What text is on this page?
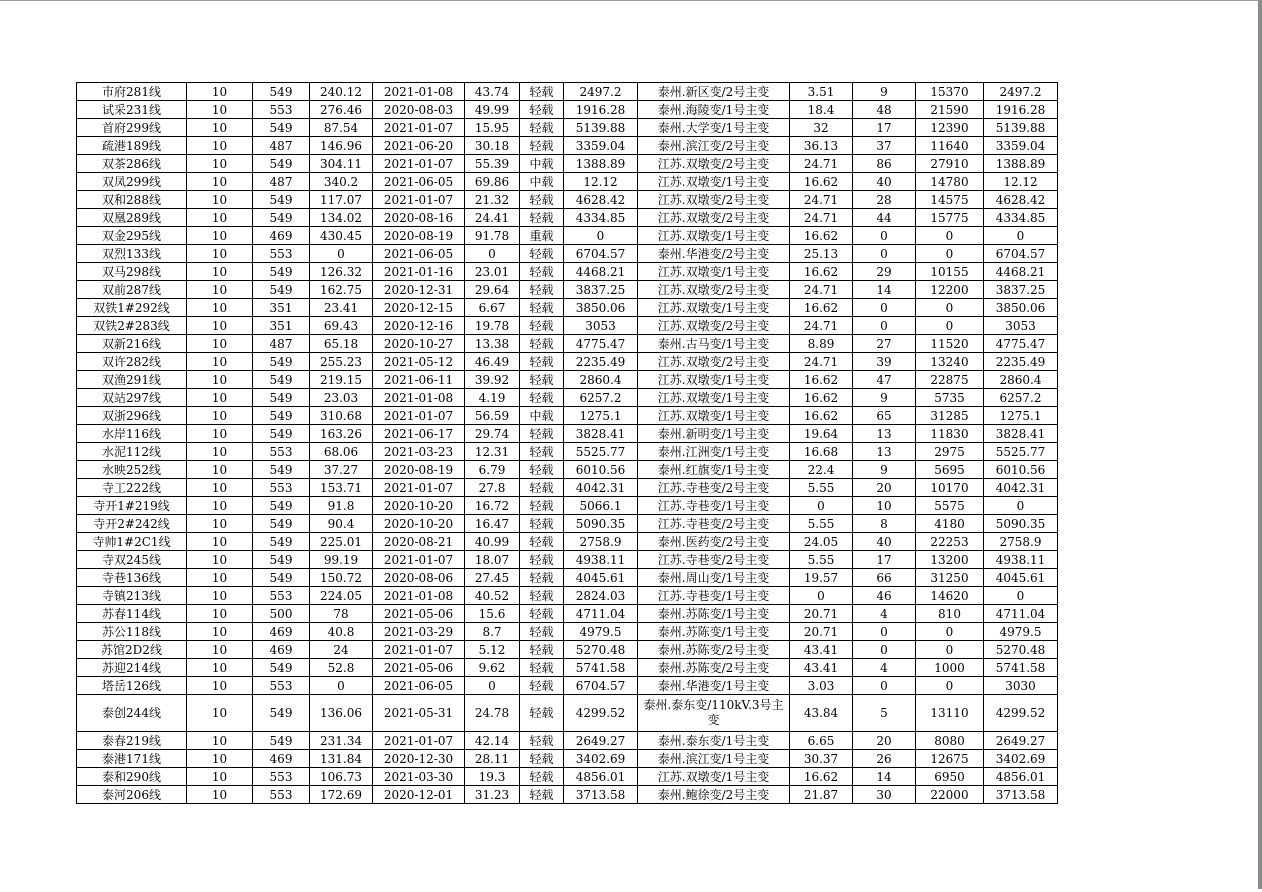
市府281线	10	549	240.12	2021-01-08	43.74	轻载	2497.2	泰州.新区变/2号主变	3.51	9	15370	2497.2
试采231线	10	553	276.46	2020-08-03	49.99	轻载	1916.28	泰州.海陵变/1号主变	18.4	48	21590	1916.28
首府299线	10	549	87.54	2021-01-07	15.95	轻载	5139.88	泰州.大学变/1号主变	32	17	12390	5139.88
疏港189线	10	487	146.96	2021-06-20	30.18	轻载	3359.04	泰州.滨江变/2号主变	36.13	37	11640	3359.04
双茶286线	10	549	304.11	2021-01-07	55.39	中载	1388.89	江苏.双墩变/2号主变	24.71	86	27910	1388.89
双凤299线	10	487	340.2	2021-06-05	69.86	中载	12.12	江苏.双墩变/1号主变	16.62	40	14780	12.12
双和288线	10	549	117.07	2021-01-07	21.32	轻载	4628.42	江苏.双墩变/2号主变	24.71	28	14575	4628.42
双凰289线	10	549	134.02	2020-08-16	24.41	轻载	4334.85	江苏.双墩变/2号主变	24.71	44	15775	4334.85
双金295线	10	469	430.45	2020-08-19	91.78	重载	0	江苏.双墩变/1号主变	16.62	0	0	0
双烈133线	10	553	0	2021-06-05	0	轻载	6704.57	泰州.华港变/2号主变	25.13	0	0	6704.57
双马298线	10	549	126.32	2021-01-16	23.01	轻载	4468.21	江苏.双墩变/1号主变	16.62	29	10155	4468.21
双前287线	10	549	162.75	2020-12-31	29.64	轻载	3837.25	江苏.双墩变/2号主变	24.71	14	12200	3837.25
双铁1#292线	10	351	23.41	2020-12-15	6.67	轻载	3850.06	江苏.双墩变/1号主变	16.62	0	0	3850.06
双铁2#283线	10	351	69.43	2020-12-16	19.78	轻载	3053	江苏.双墩变/2号主变	24.71	0	0	3053
双新216线	10	487	65.18	2020-10-27	13.38	轻载	4775.47	泰州.古马变/1号主变	8.89	27	11520	4775.47
双许282线	10	549	255.23	2021-05-12	46.49	轻载	2235.49	江苏.双墩变/2号主变	24.71	39	13240	2235.49
双渔291线	10	549	219.15	2021-06-11	39.92	轻载	2860.4	江苏.双墩变/1号主变	16.62	47	22875	2860.4
双站297线	10	549	23.03	2021-01-08	4.19	轻载	6257.2	江苏.双墩变/1号主变	16.62	9	5735	6257.2
双浙296线	10	549	310.68	2021-01-07	56.59	中载	1275.1	江苏.双墩变/1号主变	16.62	65	31285	1275.1
水岸116线	10	549	163.26	2021-06-17	29.74	轻载	3828.41	泰州.新明变/1号主变	19.64	13	11830	3828.41
水泥112线	10	553	68.06	2021-03-23	12.31	轻载	5525.77	泰州.江洲变/1号主变	16.68	13	2975	5525.77
水映252线	10	549	37.27	2020-08-19	6.79	轻载	6010.56	泰州.红旗变/1号主变	22.4	9	5695	6010.56
寺工222线	10	553	153.71	2021-01-07	27.8	轻载	4042.31	江苏.寺巷变/2号主变	5.55	20	10170	4042.31
寺开1#219线	10	549	91.8	2020-10-20	16.72	轻载	5066.1	江苏.寺巷变/1号主变	0	10	5575	0
寺开2#242线	10	549	90.4	2020-10-20	16.47	轻载	5090.35	江苏.寺巷变/2号主变	5.55	8	4180	5090.35
寺帅1#2C1线	10	549	225.01	2020-08-21	40.99	轻载	2758.9	泰州.医药变/2号主变	24.05	40	22253	2758.9
寺双245线	10	549	99.19	2021-01-07	18.07	轻载	4938.11	江苏.寺巷变/2号主变	5.55	17	13200	4938.11
寺巷136线	10	549	150.72	2020-08-06	27.45	轻载	4045.61	泰州.周山变/1号主变	19.57	66	31250	4045.61
寺镇213线	10	553	224.05	2021-01-08	40.52	轻载	2824.03	江苏.寺巷变/1号主变	0	46	14620	0
苏春114线	10	500	78	2021-05-06	15.6	轻载	4711.04	泰州.苏陈变/1号主变	20.71	4	810	4711.04
苏公118线	10	469	40.8	2021-03-29	8.7	轻载	4979.5	泰州.苏陈变/1号主变	20.71	0	0	4979.5
苏馆2D2线	10	469	24	2021-01-07	5.12	轻载	5270.48	泰州.苏陈变/2号主变	43.41	0	0	5270.48
苏迎214线	10	549	52.8	2021-05-06	9.62	轻载	5741.58	泰州.苏陈变/2号主变	43.41	4	1000	5741.58
塔岳126线	10	553	0	2021-06-05	0	轻载	6704.57	泰州.华港变/1号主变	3.03	0	0	3030
泰创244线	10	549	136.06	2021-05-31	24.78	轻载	4299.52	泰州.泰东变/110kV.3号主变	43.84	5	13110	4299.52
泰春219线	10	549	231.34	2021-01-07	42.14	轻载	2649.27	泰州.泰东变/1号主变	6.65	20	8080	2649.27
泰港171线	10	469	131.84	2020-12-30	28.11	轻载	3402.69	泰州.滨江变/1号主变	30.37	26	12675	3402.69
泰和290线	10	553	106.73	2021-03-30	19.3	轻载	4856.01	江苏.双墩变/1号主变	16.62	14	6950	4856.01
泰河206线	10	553	172.69	2020-12-01	31.23	轻载	3713.58	泰州.鲍徐变/2号主变	21.87	30	22000	3713.58
